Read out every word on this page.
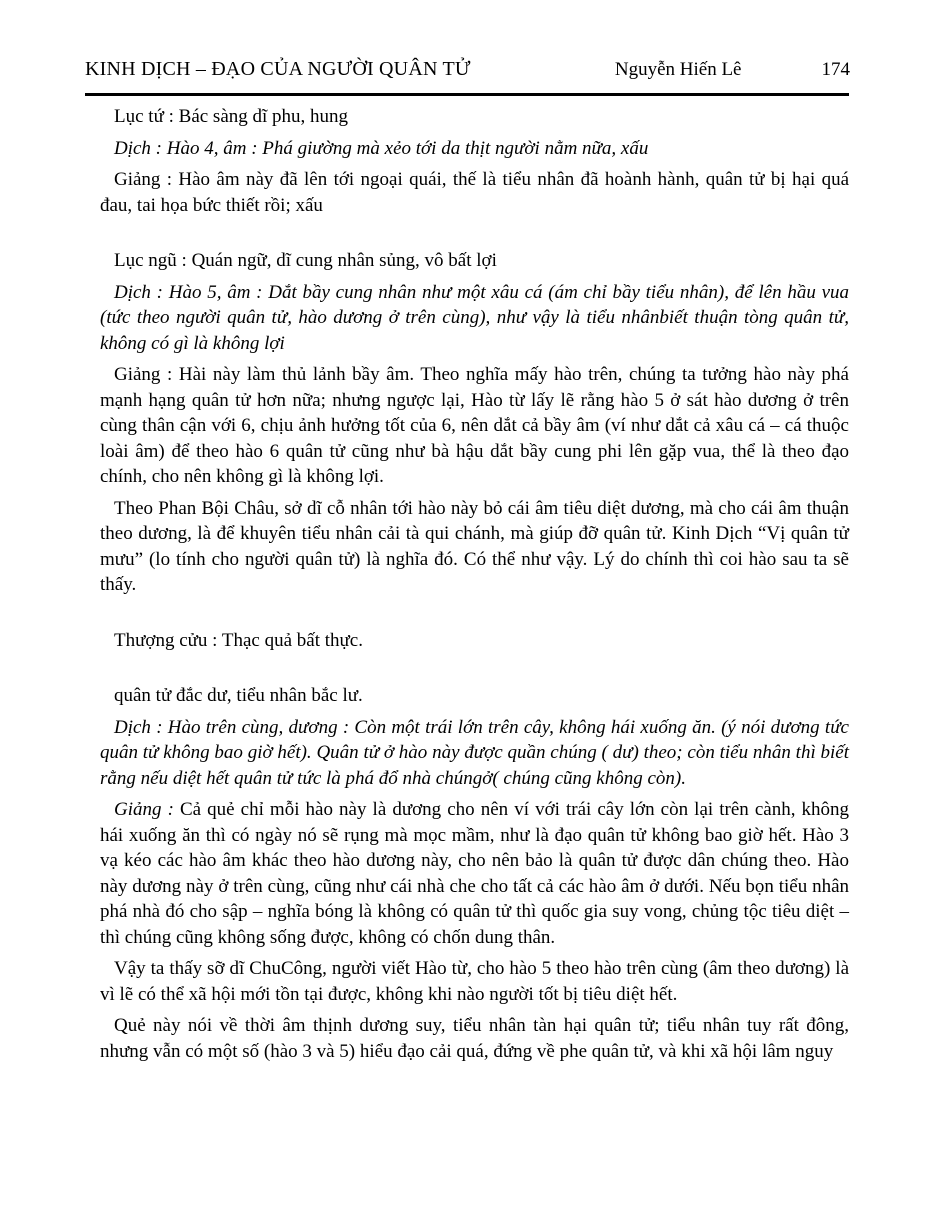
KINH DỊCH – ĐẠO CỦA NGƯỜI QUÂN TỬ	Nguyễn Hiến Lê	174

Lục tứ : Bác sàng dĩ phu, hung

Dịch : Hào 4, âm : Phá giường mà xẻo tới da thịt người nằm nữa, xấu

Giảng : Hào âm này đã lên tới ngoại quái, thế là tiểu nhân đã hoành hành, quân tử bị hại quá đau, tai họa bức thiết rồi; xấu

Lục ngũ : Quán ngữ, dĩ cung nhân sủng, vô bất lợi

Dịch : Hào 5, âm : Dắt bầy cung nhân như một xâu cá (ám chỉ bầy tiểu nhân), để lên hầu vua (tức theo người quân tử, hào dương ở trên cùng), như vậy là tiểu nhânbiết thuận tòng quân tử, không có gì là không lợi

Giảng : Hài này làm thủ lảnh bầy âm. Theo nghĩa mấy hào trên, chúng ta tưởng hào này phá mạnh hạng quân tử hơn nữa; nhưng ngược lại, Hào từ lấy lẽ rằng hào 5 ở sát hào dương ở trên cùng thân cận với 6, chịu ảnh hưởng tốt của 6, nên dắt cả bầy âm (ví như dắt cả xâu cá – cá thuộc loài âm) để theo hào 6 quân tử cũng như bà hậu dắt bầy cung phi lên gặp vua, thể là theo đạo chính, cho nên không gì là không lợi.

Theo Phan Bội Châu, sở dĩ cỗ nhân tới hào này bỏ cái âm tiêu diệt dương, mà cho cái âm thuận theo dương, là để khuyên tiểu nhân cải tà qui chánh, mà giúp đỡ quân tử. Kinh Dịch “Vị quân tử mưu” (lo tính cho người quân tử) là nghĩa đó. Có thể như vậy. Lý do chính thì coi hào sau ta sẽ thấy.

Thượng cửu : Thạc quả bất thực.

quân tử đắc dư, tiểu nhân bắc lư.

Dịch : Hào trên cùng, dương : Còn một trái lớn trên cây, không hái xuống ăn. (ý nói dương tức quân tử không bao giờ hết). Quân tử ở hào này được quần chúng ( dư) theo; còn tiểu nhân thì biết rằng nếu diệt hết quân tử tức là phá đổ nhà chúngở( chúng cũng không còn).

Giảng : Cả quẻ chỉ mỗi hào này là dương cho nên ví với trái cây lớn còn lại trên cành, không hái xuống ăn thì có ngày nó sẽ rụng mà mọc mầm, như là đạo quân tử không bao giờ hết. Hào 3 vạ kéo các hào âm khác theo hào dương này, cho nên bảo là quân tử được dân chúng theo. Hào này dương này ở trên cùng, cũng như cái nhà che cho tất cả các hào âm ở dưới. Nếu bọn tiểu nhân phá nhà đó cho sập – nghĩa bóng là không có quân tử thì quốc gia suy vong, chủng tộc tiêu diệt – thì chúng cũng không sống được, không có chốn dung thân.

Vậy ta thấy sỡ dĩ ChuCông, người viết Hào từ, cho hào 5 theo hào trên cùng (âm theo dương) là vì lẽ có thể xã hội mới tồn tại được, không khi nào người tốt bị tiêu diệt hết.

Quẻ này nói về thời âm thịnh dương suy, tiểu nhân tàn hại quân tử; tiểu nhân tuy rất đông, nhưng vẫn có một số (hào 3 và 5) hiểu đạo cải quá, đứng về phe quân tử, và khi xã hội lâm nguy
